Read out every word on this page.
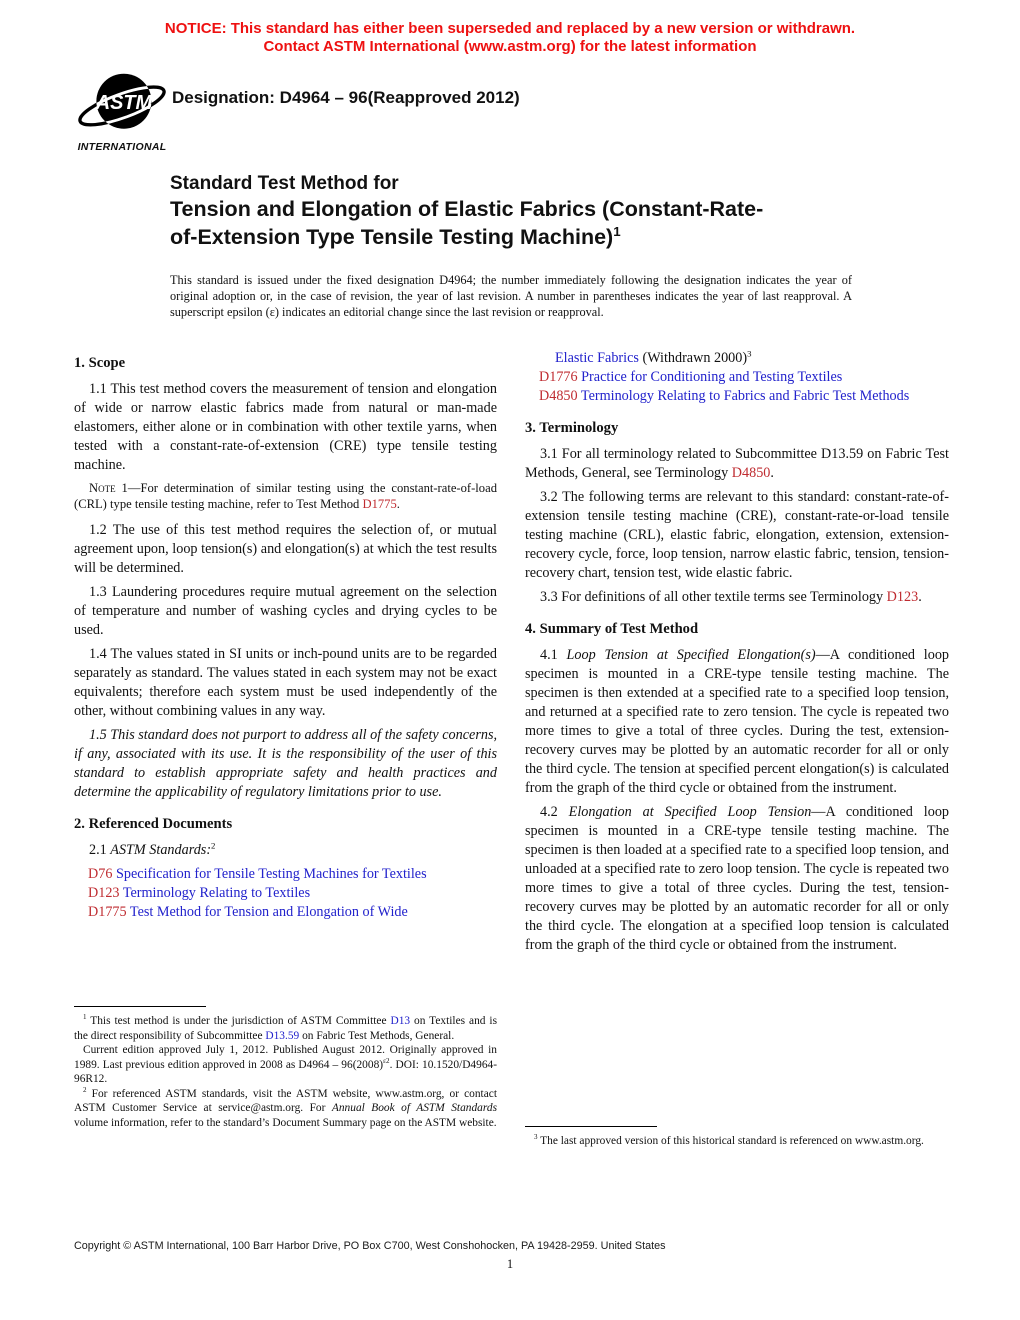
NOTICE: This standard has either been superseded and replaced by a new version or withdrawn.
Contact ASTM International (www.astm.org) for the latest information
ASTM
INTERNATIONAL
Designation: D4964 – 96(Reapproved 2012)
Standard Test Method for
Tension and Elongation of Elastic Fabrics (Constant-Rate-
of-Extension Type Tensile Testing Machine)$^1$
This standard is issued under the fixed designation D4964; the number immediately following the designation indicates the year of original adoption or, in the case of revision, the year of last revision. A number in parentheses indicates the year of last reapproval. A superscript epsilon (ε) indicates an editorial change since the last revision or reapproval.
1. Scope

1.1 This test method covers the measurement of tension and elongation of wide or narrow elastic fabrics made from natural or man-made elastomers, either alone or in combination with other textile yarns, when tested with a constant-rate-of-extension (CRE) type tensile testing machine.

Note 1—For determination of similar testing using the constant-rate-of-load (CRL) type tensile testing machine, refer to Test Method D1775.

1.2 The use of this test method requires the selection of, or mutual agreement upon, loop tension(s) and elongation(s) at which the test results will be determined.

1.3 Laundering procedures require mutual agreement on the selection of temperature and number of washing cycles and drying cycles to be used.

1.4 The values stated in SI units or inch-pound units are to be regarded separately as standard. The values stated in each system may not be exact equivalents; therefore each system must be used independently of the other, without combining values in any way.

1.5 This standard does not purport to address all of the safety concerns, if any, associated with its use. It is the responsibility of the user of this standard to establish appropriate safety and health practices and determine the applicability of regulatory limitations prior to use.

2. Referenced Documents

2.1 ASTM Standards:$^2$

D76 Specification for Tensile Testing Machines for Textiles
D123 Terminology Relating to Textiles
D1775 Test Method for Tension and Elongation of Wide
Elastic Fabrics (Withdrawn 2000)$^3$
D1776 Practice for Conditioning and Testing Textiles
D4850 Terminology Relating to Fabrics and Fabric Test Methods
3. Terminology

3.1 For all terminology related to Subcommittee D13.59 on Fabric Test Methods, General, see Terminology D4850.

3.2 The following terms are relevant to this standard: constant-rate-of-extension tensile testing machine (CRE), constant-rate-or-load tensile testing machine (CRL), elastic fabric, elongation, extension, extension-recovery cycle, force, loop tension, narrow elastic fabric, tension, tension-recovery chart, tension test, wide elastic fabric.

3.3 For definitions of all other textile terms see Terminology D123.

4. Summary of Test Method

4.1 Loop Tension at Specified Elongation(s)—A conditioned loop specimen is mounted in a CRE-type tensile testing machine. The specimen is then extended at a specified rate to a specified loop tension, and returned at a specified rate to zero tension. The cycle is repeated two more times to give a total of three cycles. During the test, extension-recovery curves may be plotted by an automatic recorder for all or only the third cycle. The tension at specified percent elongation(s) is calculated from the graph of the third cycle or obtained from the instrument.

4.2 Elongation at Specified Loop Tension—A conditioned loop specimen is mounted in a CRE-type tensile testing machine. The specimen is then loaded at a specified rate to a specified loop tension, and unloaded at a specified rate to zero loop tension. The cycle is repeated two more times to give a total of three cycles. During the test, tension-recovery curves may be plotted by an automatic recorder for all or only the third cycle. The elongation at a specified loop tension is calculated from the graph of the third cycle or obtained from the instrument.

$^1$ This test method is under the jurisdiction of ASTM Committee D13 on Textiles and is the direct responsibility of Subcommittee D13.59 on Fabric Test Methods, General.

Current edition approved July 1, 2012. Published August 2012. Originally approved in 1989. Last previous edition approved in 2008 as $D4964 - 96(2008)^{\varepsilon 2}$. DOI: 10.1520/D4964-96R12.

$^2$ For referenced ASTM standards, visit the ASTM website, www.astm.org, or contact ASTM Customer Service at service@astm.org. For Annual Book of ASTM Standards volume information, refer to the standard’s Document Summary page on the ASTM website.

$^3$ The last approved version of this historical standard is referenced on www.astm.org.

Copyright © ASTM International, 100 Barr Harbor Drive, PO Box C700, West Conshohocken, PA 19428-2959. United States
1
